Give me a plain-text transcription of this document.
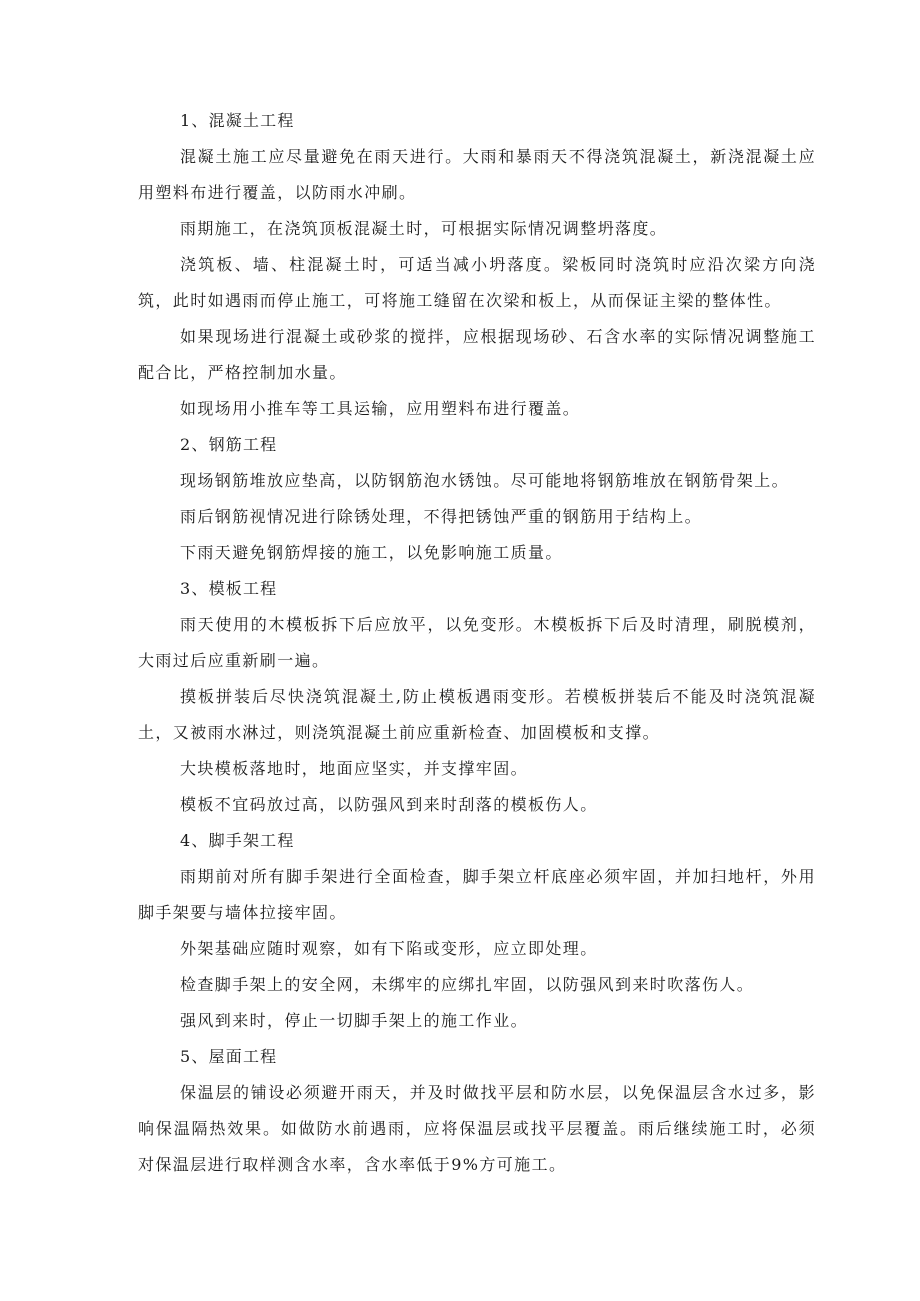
1、混凝土工程

混凝土施工应尽量避免在雨天进行。大雨和暴雨天不得浇筑混凝土，新浇混凝土应用塑料布进行覆盖，以防雨水冲刷。

雨期施工，在浇筑顶板混凝土时，可根据实际情况调整坍落度。

浇筑板、墙、柱混凝土时，可适当减小坍落度。梁板同时浇筑时应沿次梁方向浇筑，此时如遇雨而停止施工，可将施工缝留在次梁和板上，从而保证主梁的整体性。

如果现场进行混凝土或砂浆的搅拌，应根据现场砂、石含水率的实际情况调整施工配合比，严格控制加水量。

如现场用小推车等工具运输，应用塑料布进行覆盖。

2、钢筋工程

现场钢筋堆放应垫高，以防钢筋泡水锈蚀。尽可能地将钢筋堆放在钢筋骨架上。

雨后钢筋视情况进行除锈处理，不得把锈蚀严重的钢筋用于结构上。

下雨天避免钢筋焊接的施工，以免影响施工质量。

3、模板工程

雨天使用的木模板拆下后应放平，以免变形。木模板拆下后及时清理，刷脱模剂，大雨过后应重新刷一遍。

摸板拼装后尽快浇筑混凝土,防止模板遇雨变形。若模板拼装后不能及时浇筑混凝土，又被雨水淋过，则浇筑混凝土前应重新检查、加固模板和支撑。

大块模板落地时，地面应坚实，并支撑牢固。

模板不宜码放过高，以防强风到来时刮落的模板伤人。

4、脚手架工程

雨期前对所有脚手架进行全面检查，脚手架立杆底座必须牢固，并加扫地杆，外用脚手架要与墙体拉接牢固。

外架基础应随时观察，如有下陷或变形，应立即处理。

检查脚手架上的安全网，未绑牢的应绑扎牢固，以防强风到来时吹落伤人。

强风到来时，停止一切脚手架上的施工作业。

5、屋面工程

保温层的铺设必须避开雨天，并及时做找平层和防水层，以免保温层含水过多，影响保温隔热效果。如做防水前遇雨，应将保温层或找平层覆盖。雨后继续施工时，必须对保温层进行取样测含水率，含水率低于9%方可施工。
